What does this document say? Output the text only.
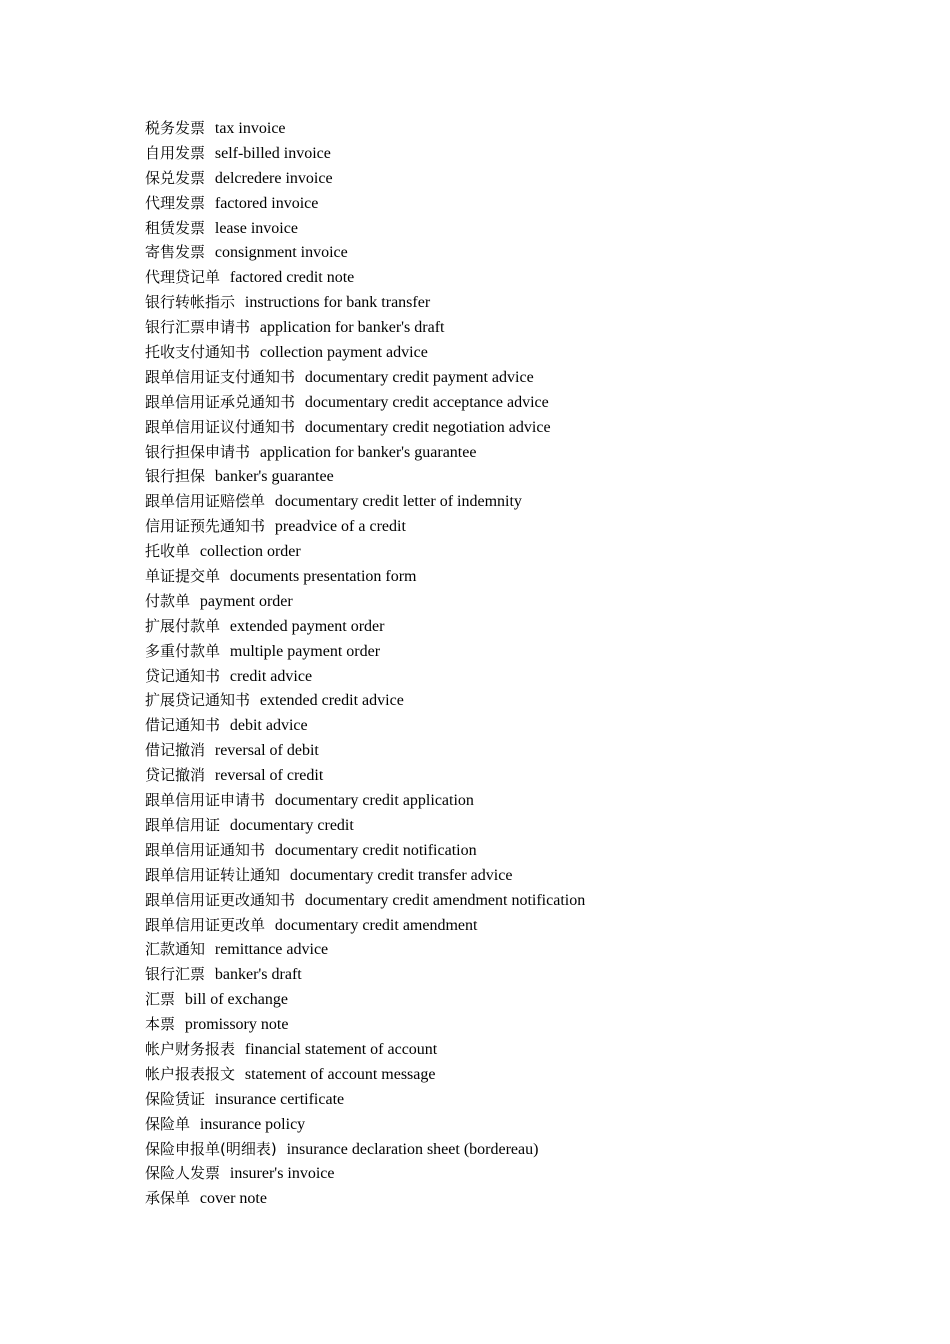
税务发票 tax invoice
自用发票 self-billed invoice
保兑发票 delcredere invoice
代理发票 factored invoice
租赁发票 lease invoice
寄售发票 consignment invoice
代理贷记单 factored credit note
银行转帐指示 instructions for bank transfer
银行汇票申请书 application for banker's draft
托收支付通知书 collection payment advice
跟单信用证支付通知书 documentary credit payment advice
跟单信用证承兑通知书 documentary credit acceptance advice
跟单信用证议付通知书 documentary credit negotiation advice
银行担保申请书 application for banker's guarantee
银行担保 banker's guarantee
跟单信用证赔偿单 documentary credit letter of indemnity
信用证预先通知书 preadvice of a credit
托收单 collection order
单证提交单 documents presentation form
付款单 payment order
扩展付款单 extended payment order
多重付款单 multiple payment order
贷记通知书 credit advice
扩展贷记通知书 extended credit advice
借记通知书 debit advice
借记撤消 reversal of debit
贷记撤消 reversal of credit
跟单信用证申请书 documentary credit application
跟单信用证 documentary credit
跟单信用证通知书 documentary credit notification
跟单信用证转让通知 documentary credit transfer advice
跟单信用证更改通知书 documentary credit amendment notification
跟单信用证更改单 documentary credit amendment
汇款通知 remittance advice
银行汇票 banker's draft
汇票 bill of exchange
本票 promissory note
帐户财务报表 financial statement of account
帐户报表报文 statement of account message
保险赁证 insurance certificate
保险单 insurance policy
保险申报单(明细表) insurance declaration sheet (bordereau)
保险人发票 insurer's invoice
承保单 cover note
